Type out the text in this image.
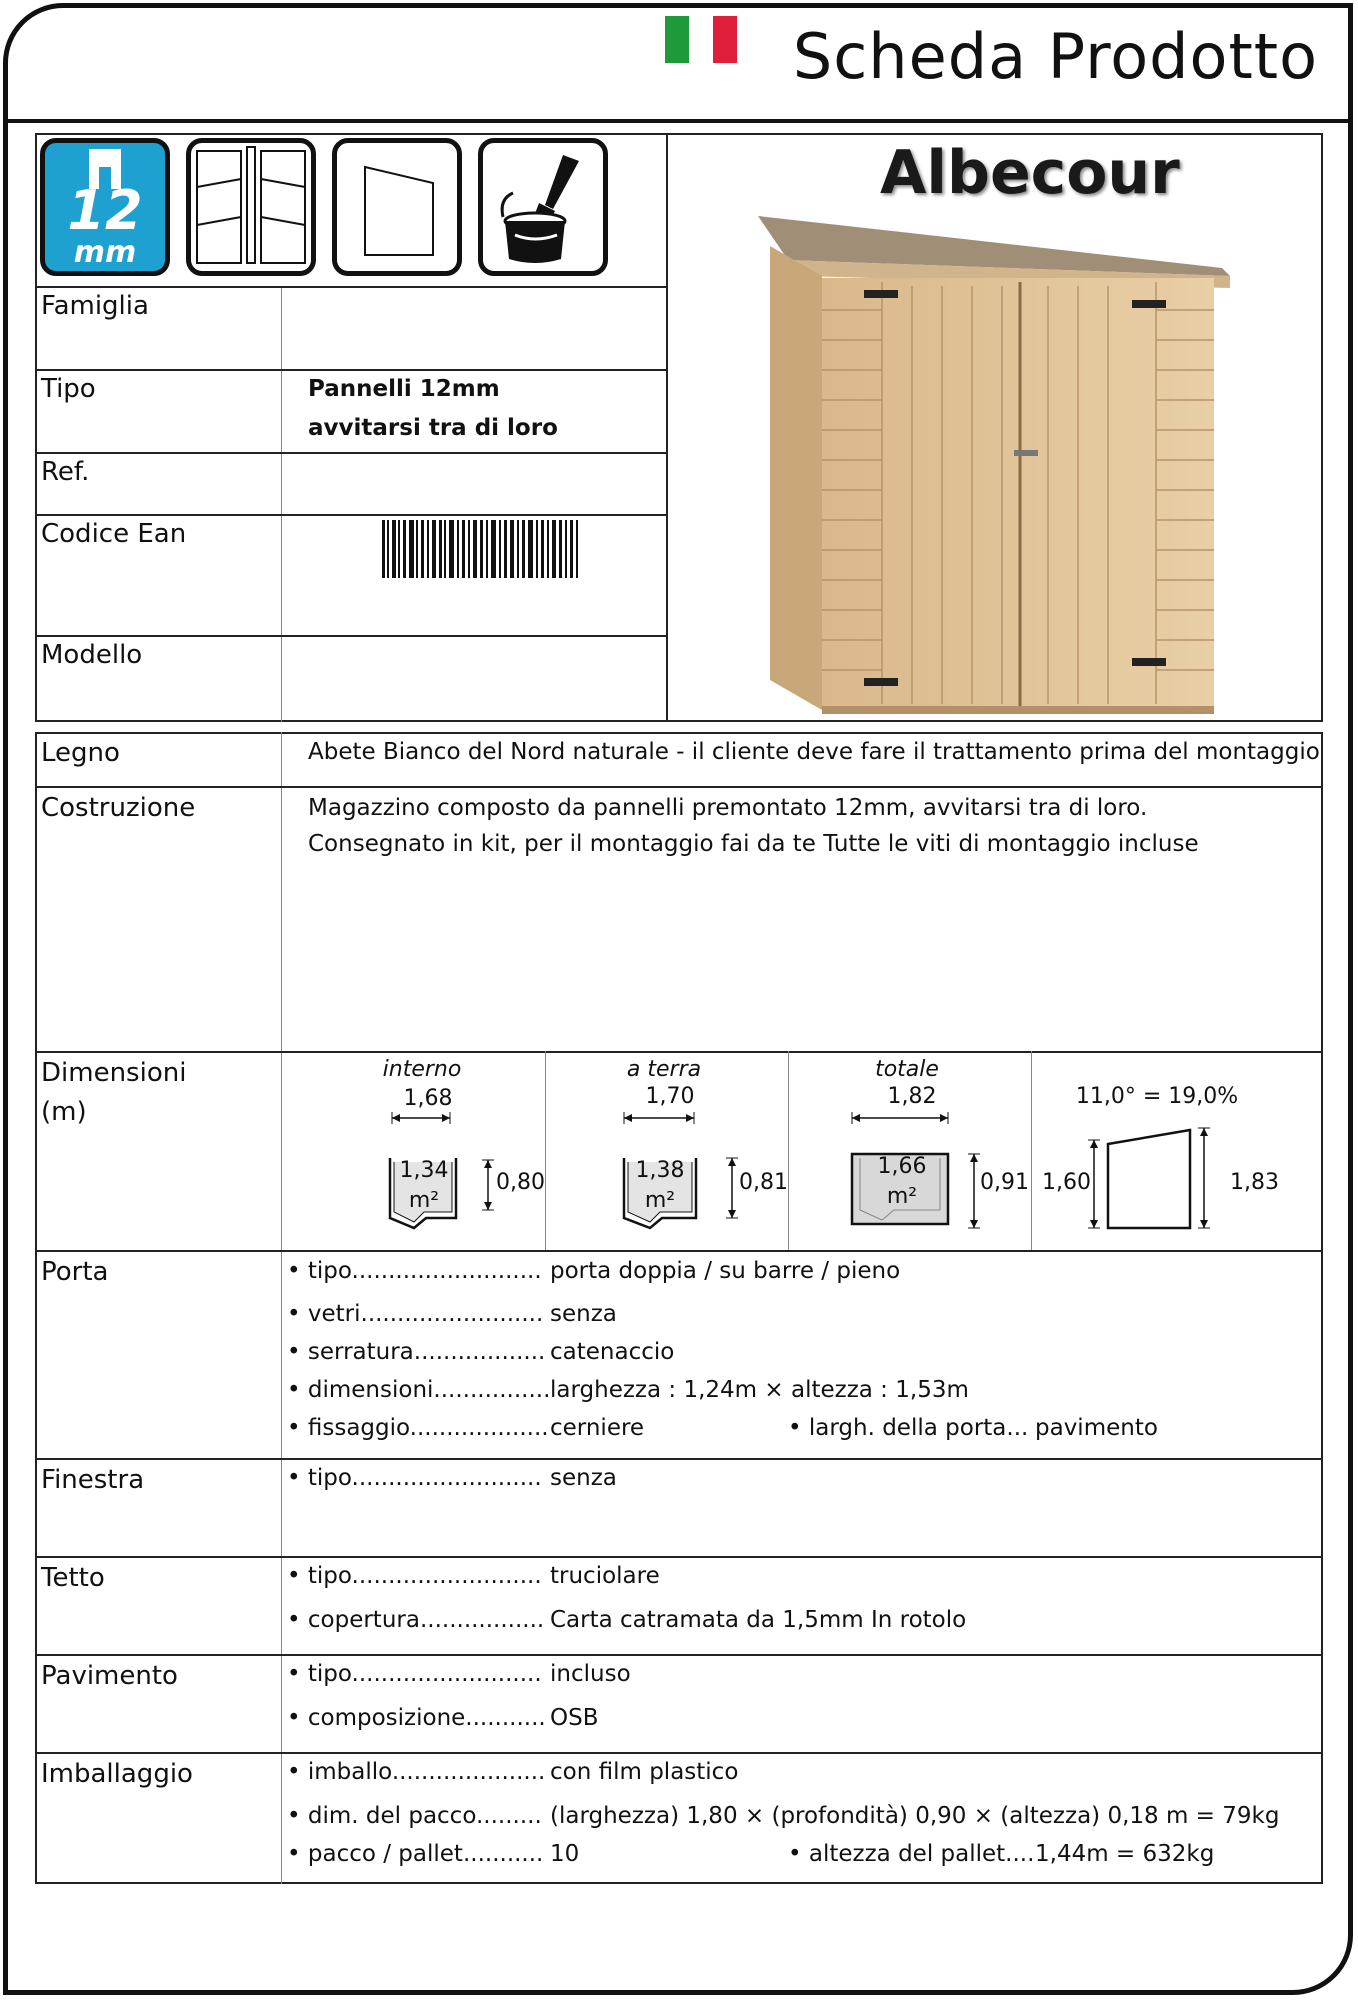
Scheda Prodotto
12
mm
Albecour
Famiglia
Tipo	Pannelli 12mm
avvitarsi tra di loro
Ref.
Codice Ean
Modello
Legno	Abete Bianco del Nord naturale - il cliente deve fare il trattamento prima del montaggio
Costruzione	Magazzino composto da pannelli premontato 12mm, avvitarsi tra di loro.
Consegnato in kit, per il montaggio fai da te Tutte le viti di montaggio incluse
Dimensioni
(m)
interno
1,68
1,34
m²
0,80
a terra
1,70
1,38
m²
0,81
totale
1,82
1,66
m²
0,91
11,0° = 19,0%
1,60	1,83
Porta	• tipo.......................... porta doppia / su barre / pieno
• vetri......................... senza
• serratura.................. catenaccio
• dimensioni................ larghezza : 1,24m × altezza : 1,53m
• fissaggio................... cerniere	• largh. della porta... pavimento
Finestra	• tipo.......................... senza
Tetto	• tipo.......................... truciolare
• copertura................. Carta catramata da 1,5mm In rotolo
Pavimento	• tipo.......................... incluso
• composizione........... OSB
Imballaggio	• imballo..................... con film plastico
• dim. del pacco......... (larghezza) 1,80 × (profondità) 0,90 × (altezza) 0,18 m = 79kg
• pacco / pallet........... 10	• altezza del pallet.... 1,44m = 632kg
